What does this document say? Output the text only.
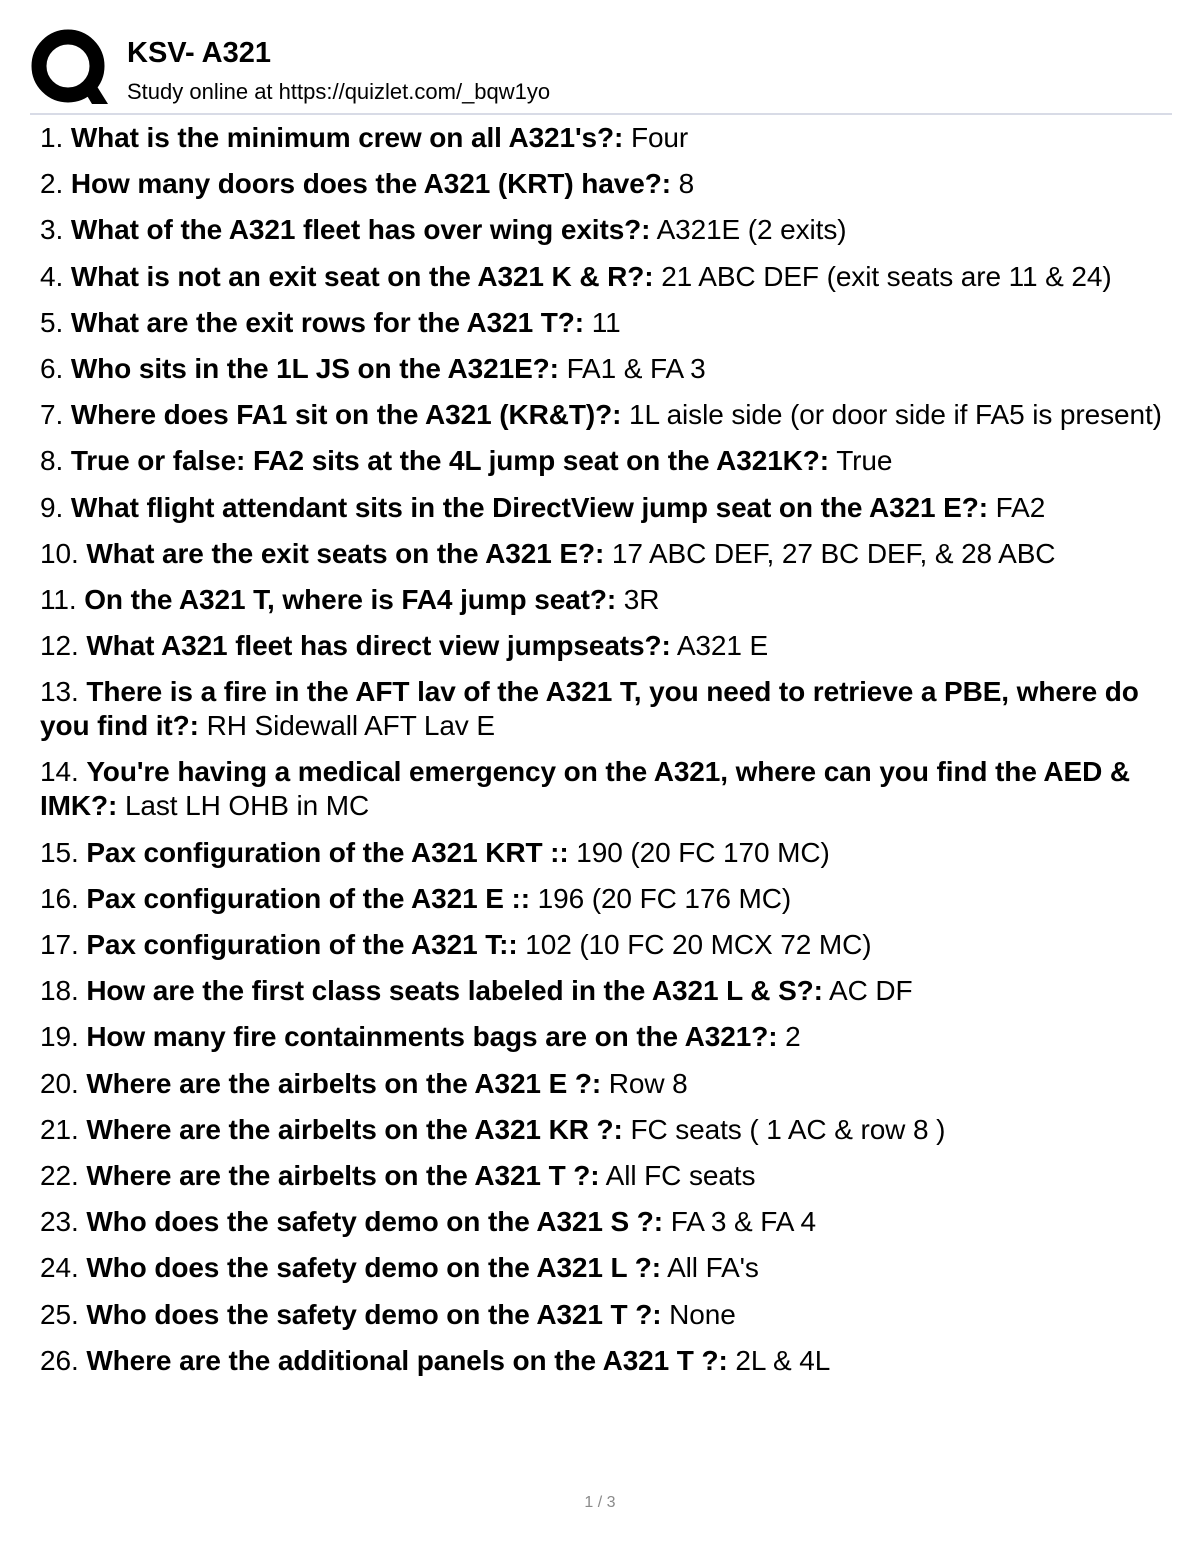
KSV- A321
Study online at https://quizlet.com/_bqw1yo
1. What is the minimum crew on all A321's?: Four
2. How many doors does the A321 (KRT) have?: 8
3. What of the A321 fleet has over wing exits?: A321E (2 exits)
4. What is not an exit seat on the A321 K & R?: 21 ABC DEF (exit seats are 11 & 24)
5. What are the exit rows for the A321 T?: 11
6. Who sits in the 1L JS on the A321E?: FA1 & FA 3
7. Where does FA1 sit on the A321 (KR&T)?: 1L aisle side (or door side if FA5 is present)
8. True or false: FA2 sits at the 4L jump seat on the A321K?: True
9. What flight attendant sits in the DirectView jump seat on the A321 E?: FA2
10. What are the exit seats on the A321 E?: 17 ABC DEF, 27 BC DEF, & 28 ABC
11. On the A321 T, where is FA4 jump seat?: 3R
12. What A321 fleet has direct view jumpseats?: A321 E
13. There is a fire in the AFT lav of the A321 T, you need to retrieve a PBE, where do you find it?: RH Sidewall AFT Lav E
14. You're having a medical emergency on the A321, where can you find the AED & IMK?: Last LH OHB in MC
15. Pax configuration of the A321 KRT :: 190 (20 FC 170 MC)
16. Pax configuration of the A321 E :: 196 (20 FC 176 MC)
17. Pax configuration of the A321 T:: 102 (10 FC 20 MCX 72 MC)
18. How are the first class seats labeled in the A321 L & S?: AC DF
19. How many fire containments bags are on the A321?: 2
20. Where are the airbelts on the A321 E ?: Row 8
21. Where are the airbelts on the A321 KR ?: FC seats ( 1 AC & row 8 )
22. Where are the airbelts on the A321 T ?: All FC seats
23. Who does the safety demo on the A321 S ?: FA 3 & FA 4
24. Who does the safety demo on the A321 L ?: All FA's
25. Who does the safety demo on the A321 T ?: None
26. Where are the additional panels on the A321 T ?: 2L & 4L
1 / 3
